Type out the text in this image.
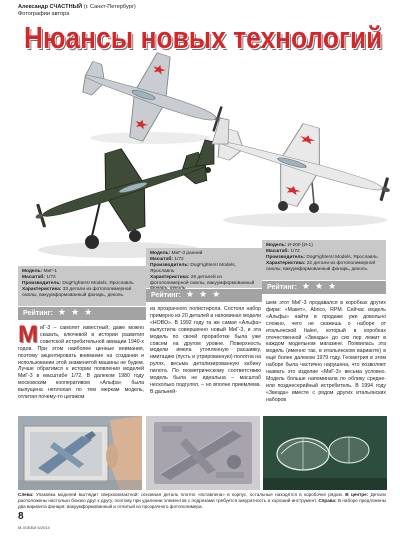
Александр СЧАСТНЫЙ (г. Санкт-Петербург)
Фотографии автора
Нюансы новых технологий
Модель: МиГ-1
Масштаб: 1/72
Производитель: DogFighters! Models, Ярославль
Характеристика: 33 детали из фотополимерной смолы, вакуумформованный фонарь, деколь.
Рейтинг: ★ ★ ★
Модель: МиГ-3 ранний
Масштаб: 1/72
Производитель: DogFighters! Models, Ярославль
Характеристика: 29 деталей из фотополимерной смолы, вакуумформованный
Рейтинг: ★ ★ ★
Модель: И-200 (И-1)
Масштаб: 1/72
Производитель: DogFighters! Models, Ярославль
Характеристика: 22 детали из фотополимерной смолы, вакуумформованный фонарь, деколь.
Рейтинг: ★ ★ ★

МиГ-3 – самолет известный, даже можно сказать, ключевой в истории развития советской истребительной авиации 1940-х годов. При этом наиболее ценные внимания, поэтому акцентировать внимание на создании и использовании этой знаменитой машины не будем. Лучше обратимся к истории появления моделей МиГ-3 в масштабе 1/72. В далеком 1980 году московским кооперативом «Альфа» была выпущена неплохая по тем меркам модель, отлитая почему-то целиком

из прозрачного полистирола. Состоял набор примерно из 20 деталей и напоминал модели «НОВО». В 1992 году та же самая «Альфа» выпустила совершенно новый МиГ-3, и эта модель по своей проработке была уже совсем на другом уровне. Поверхность модели имела утопленную расшивку, имитацию (пусть и утрированную) полотна на рулях, весьма детализированную кабину пилота. По геометрическому соответствию модель была не идеальна – масштаб несколько подгулял, – но вполне приемлема. В дальней-

шем этот МиГ-3 продавался в коробках других фирм: «Макет», Abrico, RPM. Сейчас модель «Альфы» найти в продаже уже довольно сложно, чего не скажешь о наборе от итальянской Italeri, который в коробках отечественной «Звезды» до сих пор лежит в каждом модельном магазине. Появилась эта модель (именно так, в итальянском варианте) в ещё более далеком 1979 году. Геометрия в этом наборе была частично нарушена, что позволяет назвать это изделие «МиГ-3» весьма условно. Модель больше напоминала по облику средне- или позднесерийный истребитель. В 1994 году «Звезда» вместе с рядом других итальянских наборов

Слева: Упаковка моделей выглядит сверхкомпактной: основная деталь плотно «вставлена» в корпус, остальные находятся в коробочке рядом. В центре: Детали расположены настолько близко друг к другу, поэтому при удалении элементов с подрезами требуется аккуратность и хороший инструмент. Справа: В наборе предложены два варианта фонаря: вакуумформованный и отлитый из прозрачного фотополимера.

8
М-ХОББИ 6/2014
